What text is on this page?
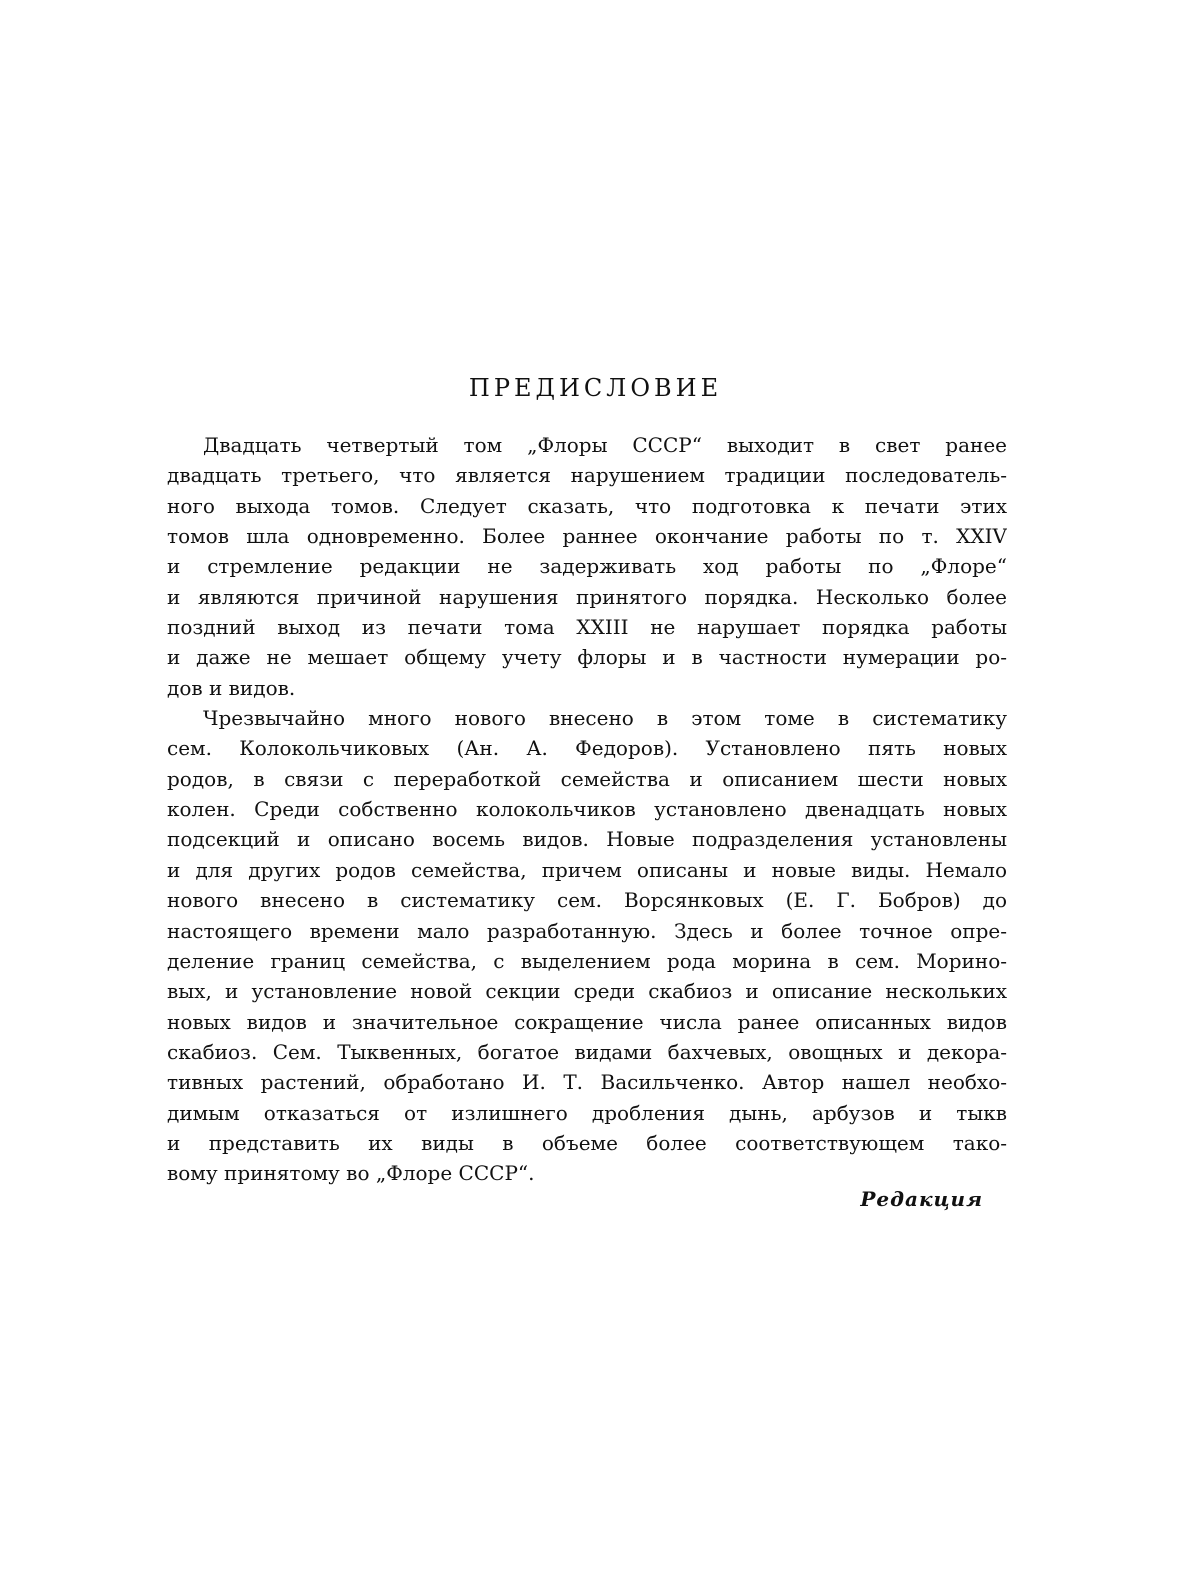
ПРЕДИСЛОВИЕ
Двадцать четвертый том „Флоры СССР“ выходит в свет ранее
двадцать третьего, что является нарушением традиции последователь-
ного выхода томов. Следует сказать, что подготовка к печати этих
томов шла одновременно. Более раннее окончание работы по т. XXIV
и стремление редакции не задерживать ход работы по „Флоре“
и являются причиной нарушения принятого порядка. Несколько более
поздний выход из печати тома XXIII не нарушает порядка работы
и даже не мешает общему учету флоры и в частности нумерации ро-
дов и видов.
Чрезвычайно много нового внесено в этом томе в систематику
сем. Колокольчиковых (Ан. А. Федоров). Установлено пять новых
родов, в связи с переработкой семейства и описанием шести новых
колен. Среди собственно колокольчиков установлено двенадцать новых
подсекций и описано восемь видов. Новые подразделения установлены
и для других родов семейства, причем описаны и новые виды. Немало
нового внесено в систематику сем. Ворсянковых (Е. Г. Бобров) до
настоящего времени мало разработанную. Здесь и более точное опре-
деление границ семейства, с выделением рода морина в сем. Морино-
вых, и установление новой секции среди скабиоз и описание нескольких
новых видов и значительное сокращение числа ранее описанных видов
скабиоз. Сем. Тыквенных, богатое видами бахчевых, овощных и декора-
тивных растений, обработано И. Т. Васильченко. Автор нашел необхо-
димым отказаться от излишнего дробления дынь, арбузов и тыкв
и представить их виды в объеме более соответствующем тако-
вому принятому во „Флоре СССР“.
Редакция
